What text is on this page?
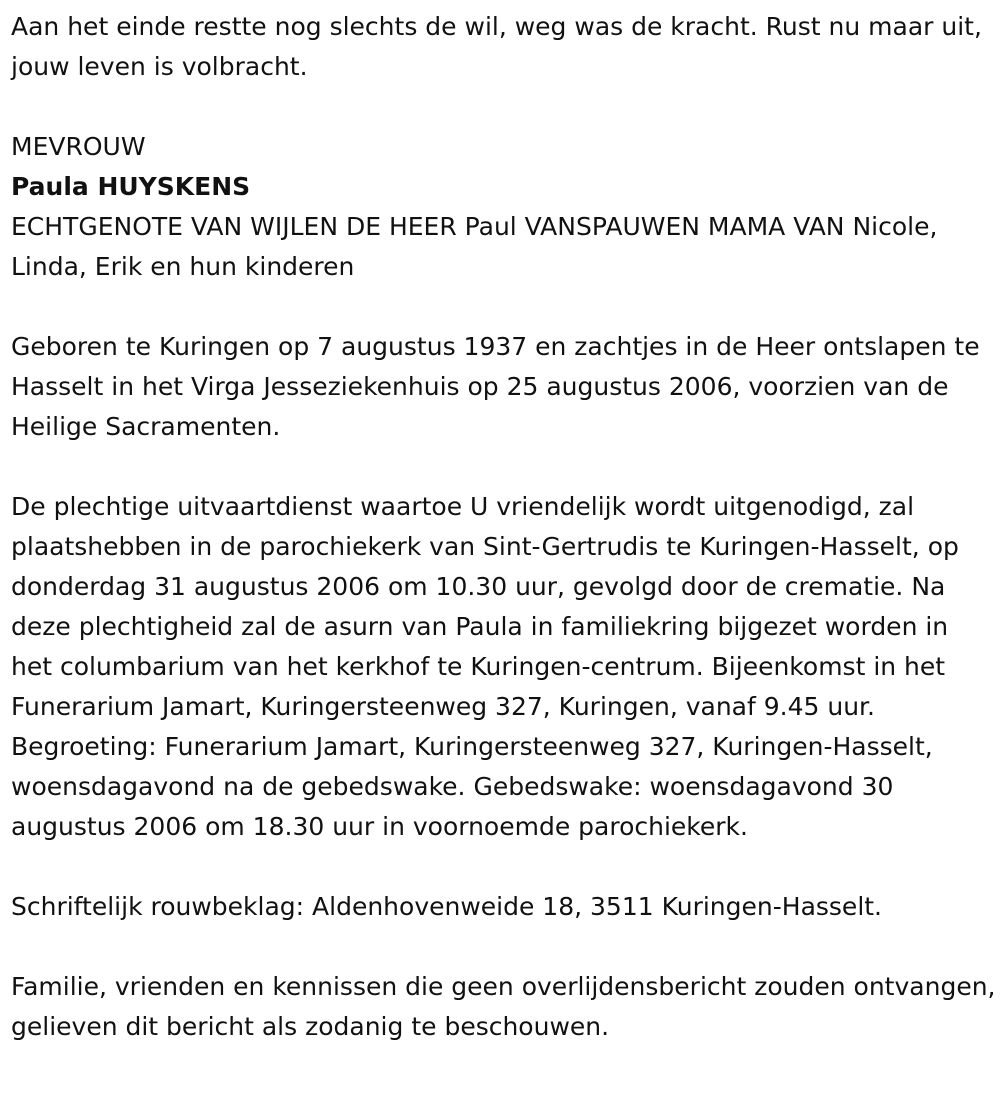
Aan het einde restte nog slechts de wil, weg was de kracht. Rust nu maar uit, jouw leven is volbracht.

MEVROUW

Paula HUYSKENS

ECHTGENOTE VAN WIJLEN DE HEER Paul VANSPAUWEN MAMA VAN Nicole, Linda, Erik en hun kinderen

Geboren te Kuringen op 7 augustus 1937 en zachtjes in de Heer ontslapen te Hasselt in het Virga Jesseziekenhuis op 25 augustus 2006, voorzien van de Heilige Sacramenten.

De plechtige uitvaartdienst waartoe U vriendelijk wordt uitgenodigd, zal plaatshebben in de parochiekerk van Sint-Gertrudis te Kuringen-Hasselt, op donderdag 31 augustus 2006 om 10.30 uur, gevolgd door de crematie. Na deze plechtigheid zal de asurn van Paula in familiekring bijgezet worden in het columbarium van het kerkhof te Kuringen-centrum. Bijeenkomst in het Funerarium Jamart, Kuringersteenweg 327, Kuringen, vanaf 9.45 uur. Begroeting: Funerarium Jamart, Kuringersteenweg 327, Kuringen-Hasselt, woensdagavond na de gebedswake. Gebedswake: woensdagavond 30 augustus 2006 om 18.30 uur in voornoemde parochiekerk.

Schriftelijk rouwbeklag: Aldenhovenweide 18, 3511 Kuringen-Hasselt.

Familie, vrienden en kennissen die geen overlijdensbericht zouden ontvangen, gelieven dit bericht als zodanig te beschouwen.
